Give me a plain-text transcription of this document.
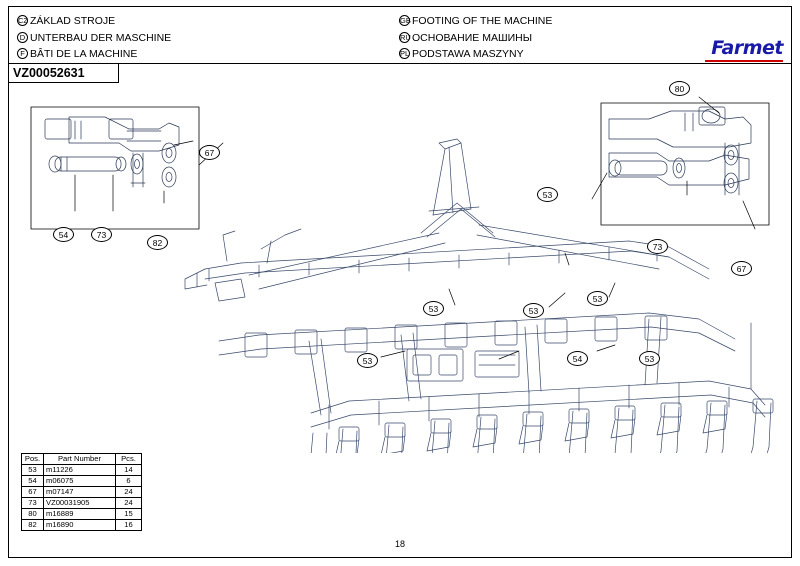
CZ ZÁKLAD STROJE
D UNTERBAU DER MASCHINE
F BÂTI DE LA MACHINE
GBFOOTING OF THE MACHINE
RUОСНОВАНИЕ МАШИНЫ
PL PODSTAWA MASZYNY	Farmet
VZ00052631
80
67
54	73
82
53
73
67
53	53
53
53	54	53
Pos.	Part Number	Pcs.
53	m11226	14
54	m06075	6
67	m07147	24
73	VZ00031905	24
80	m16889	15
82	m16890	16
18
